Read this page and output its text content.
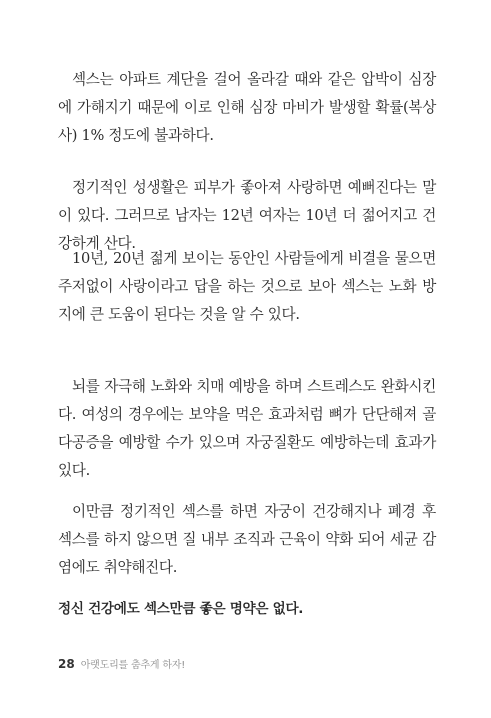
섹스는 아파트 계단을 걸어 올라갈 때와 같은 압박이 심장에 가해지기 때문에 이로 인해 심장 마비가 발생할 확률(복상사) 1% 정도에 불과하다.

정기적인 성생활은 피부가 좋아져 사랑하면 예뻐진다는 말이 있다. 그러므로 남자는 12년 여자는 10년 더 젊어지고 건강하게 산다.

10년, 20년 젊게 보이는 동안인 사람들에게 비결을 물으면 주저없이 사랑이라고 답을 하는 것으로 보아 섹스는 노화 방지에 큰 도움이 된다는 것을 알 수 있다.

뇌를 자극해 노화와 치매 예방을 하며 스트레스도 완화시킨다. 여성의 경우에는 보약을 먹은 효과처럼 뼈가 단단해져 골다공증을 예방할 수가 있으며 자궁질환도 예방하는데 효과가 있다.

이만큼 정기적인 섹스를 하면 자궁이 건강해지나 폐경 후 섹스를 하지 않으면 질 내부 조직과 근육이 약화 되어 세균 감염에도 취약해진다.

정신 건강에도 섹스만큼 좋은 명약은 없다.

28 아랫도리를 춤추게 하자!
